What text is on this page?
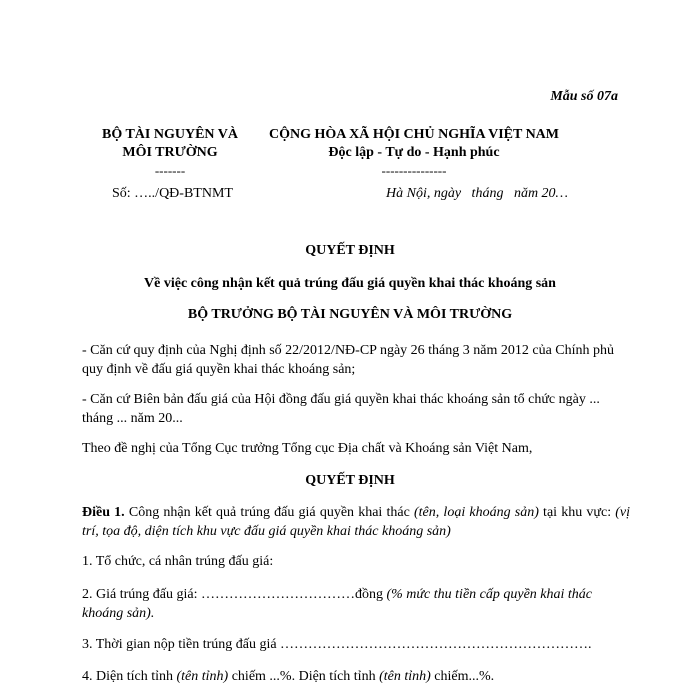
Mẫu số 07a
BỘ TÀI NGUYÊN VÀ
MÔI TRƯỜNG
-------
Số: …../QĐ-BTNMT
CỘNG HÒA XÃ HỘI CHỦ NGHĨA VIỆT NAM
Độc lập - Tự do - Hạnh phúc
---------------
Hà Nội, ngày   tháng   năm 20…
QUYẾT ĐỊNH
Về việc công nhận kết quả trúng đấu giá quyền khai thác khoáng sản
BỘ TRƯỞNG BỘ TÀI NGUYÊN VÀ MÔI TRƯỜNG
- Căn cứ quy định của Nghị định số 22/2012/NĐ-CP ngày 26 tháng 3 năm 2012 của Chính phủ quy định về đấu giá quyền khai thác khoáng sản;
- Căn cứ Biên bản đấu giá của Hội đồng đấu giá quyền khai thác khoáng sản tổ chức ngày ... tháng ... năm 20...
Theo đề nghị của Tổng Cục trưởng Tổng cục Địa chất và Khoáng sản Việt Nam,
QUYẾT ĐỊNH
Điều 1. Công nhận kết quả trúng đấu giá quyền khai thác (tên, loại khoáng sản) tại khu vực: (vị trí, tọa độ, diện tích khu vực đấu giá quyền khai thác khoáng sản)
1. Tổ chức, cá nhân trúng đấu giá:
2. Giá trúng đấu giá: ……………………………đồng (% mức thu tiền cấp quyền khai thác khoáng sản).
3. Thời gian nộp tiền trúng đấu giá ………………………………………………………….
4. Diện tích tỉnh (tên tỉnh) chiếm ...%. Diện tích tỉnh (tên tỉnh) chiếm...%.
